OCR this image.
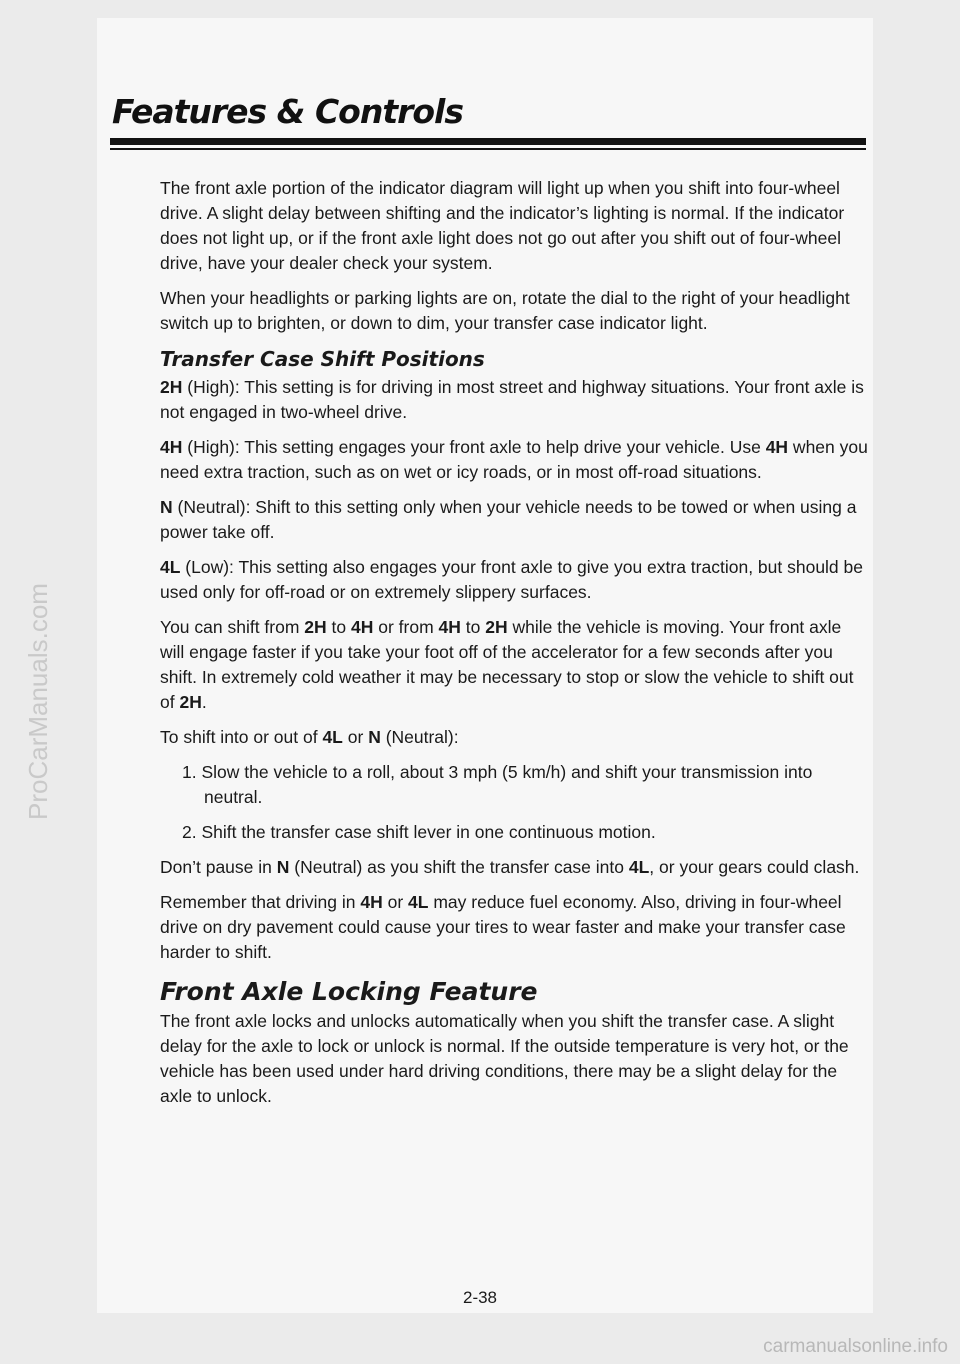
Features & Controls

The front axle portion of the indicator diagram will light up when you shift into four-wheel drive. A slight delay between shifting and the indicator’s lighting is normal. If the indicator does not light up, or if the front axle light does not go out after you shift out of four-wheel drive, have your dealer check your system.

When your headlights or parking lights are on, rotate the dial to the right of your headlight switch up to brighten, or down to dim, your transfer case indicator light.

Transfer Case Shift Positions

2H (High): This setting is for driving in most street and highway situations. Your front axle is not engaged in two-wheel drive.

4H (High): This setting engages your front axle to help drive your vehicle. Use 4H when you need extra traction, such as on wet or icy roads, or in most off-road situations.

N (Neutral): Shift to this setting only when your vehicle needs to be towed or when using a power take off.

4L (Low): This setting also engages your front axle to give you extra traction, but should be used only for off-road or on extremely slippery surfaces.

You can shift from 2H to 4H or from 4H to 2H while the vehicle is moving. Your front axle will engage faster if you take your foot off of the accelerator for a few seconds after you shift. In extremely cold weather it may be necessary to stop or slow the vehicle to shift out of 2H.

To shift into or out of 4L or N (Neutral):

1. Slow the vehicle to a roll, about 3 mph (5 km/h) and shift your transmission into neutral.

2. Shift the transfer case shift lever in one continuous motion.

Don’t pause in N (Neutral) as you shift the transfer case into 4L, or your gears could clash.

Remember that driving in 4H or 4L may reduce fuel economy. Also, driving in four-wheel drive on dry pavement could cause your tires to wear faster and make your transfer case harder to shift.

Front Axle Locking Feature

The front axle locks and unlocks automatically when you shift the transfer case. A slight delay for the axle to lock or unlock is normal. If the outside temperature is very hot, or the vehicle has been used under hard driving conditions, there may be a slight delay for the axle to unlock.

2-38
ProCarManuals.com
carmanualsonline.info
